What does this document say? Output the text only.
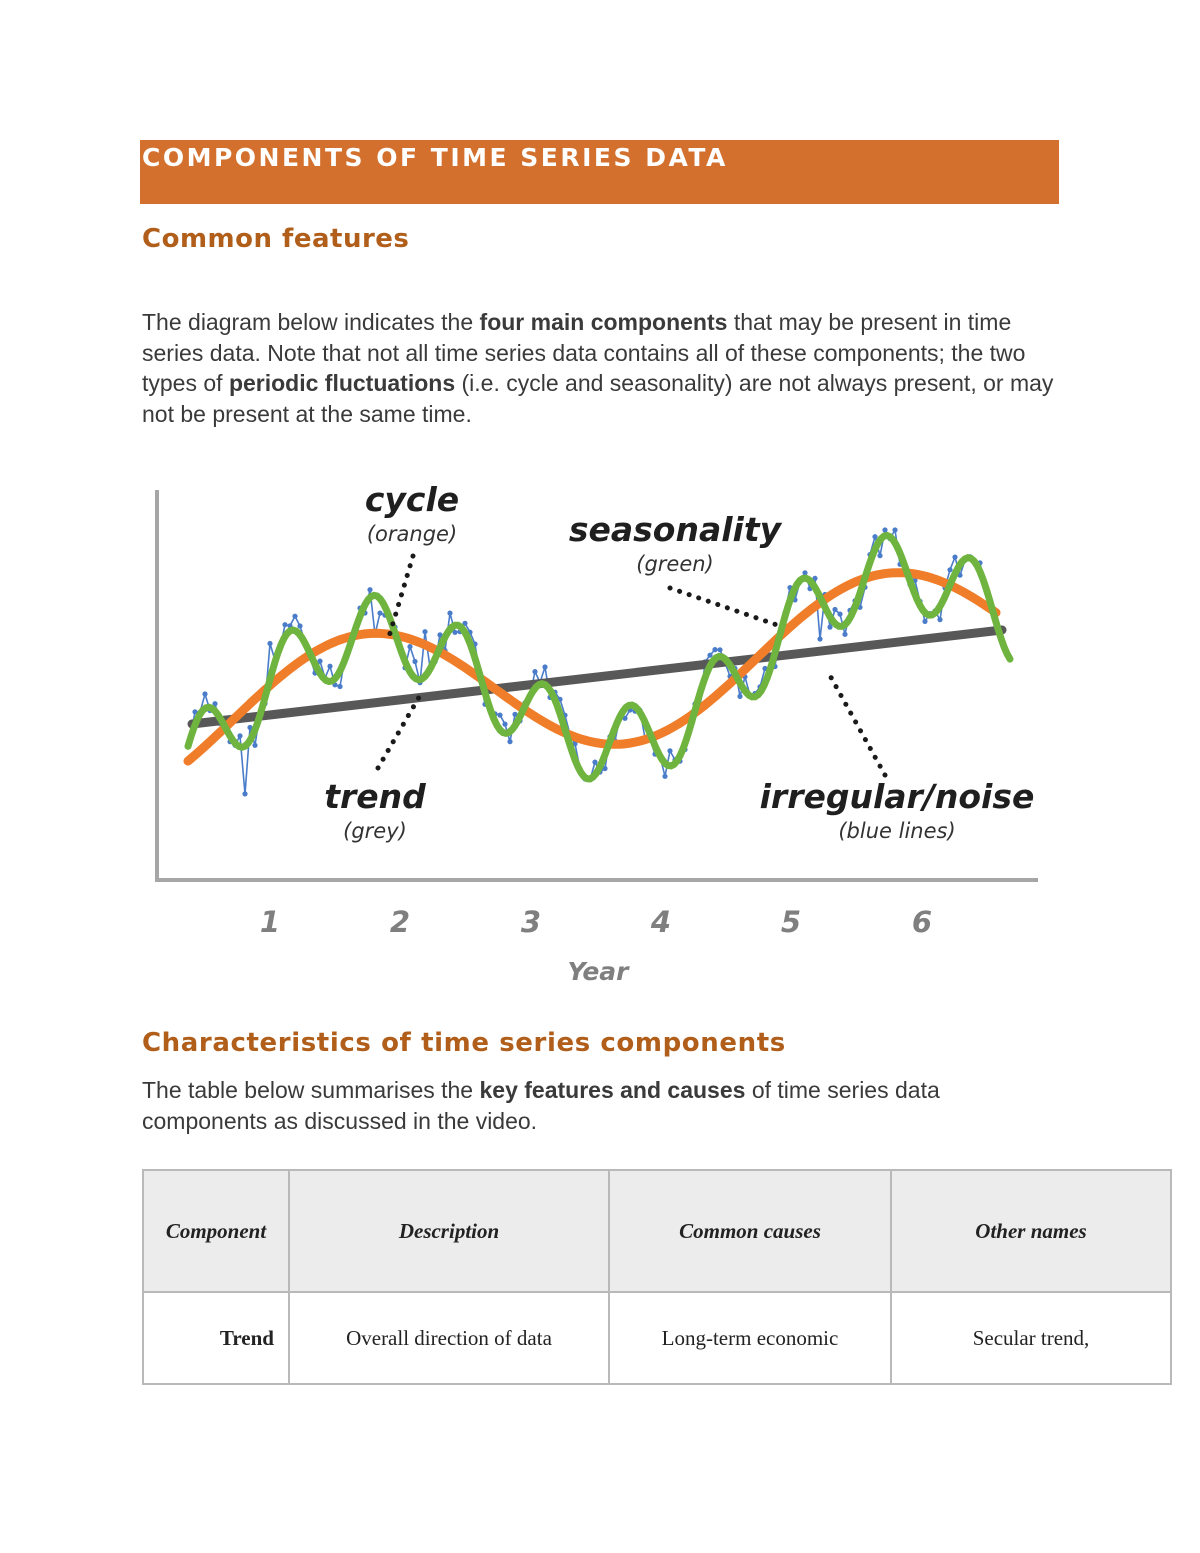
COMPONENTS OF TIME SERIES DATA
Common features
The diagram below indicates the four main components that may be present in time series data. Note that not all time series data contains all of these components; the two types of periodic fluctuations (i.e. cycle and seasonality) are not always present, or may not be present at the same time.
cycle
(orange)	seasonality
(green)
trend
(grey)
irregular/noise
(blue lines)
1	2	3	4	5	6
Year
Characteristics of time series components
The table below summarises the key features and causes of time series data components as discussed in the video.
Component	Description	Common causes	Other names
Trend	Overall direction of data	Long-term economic	Secular trend,
